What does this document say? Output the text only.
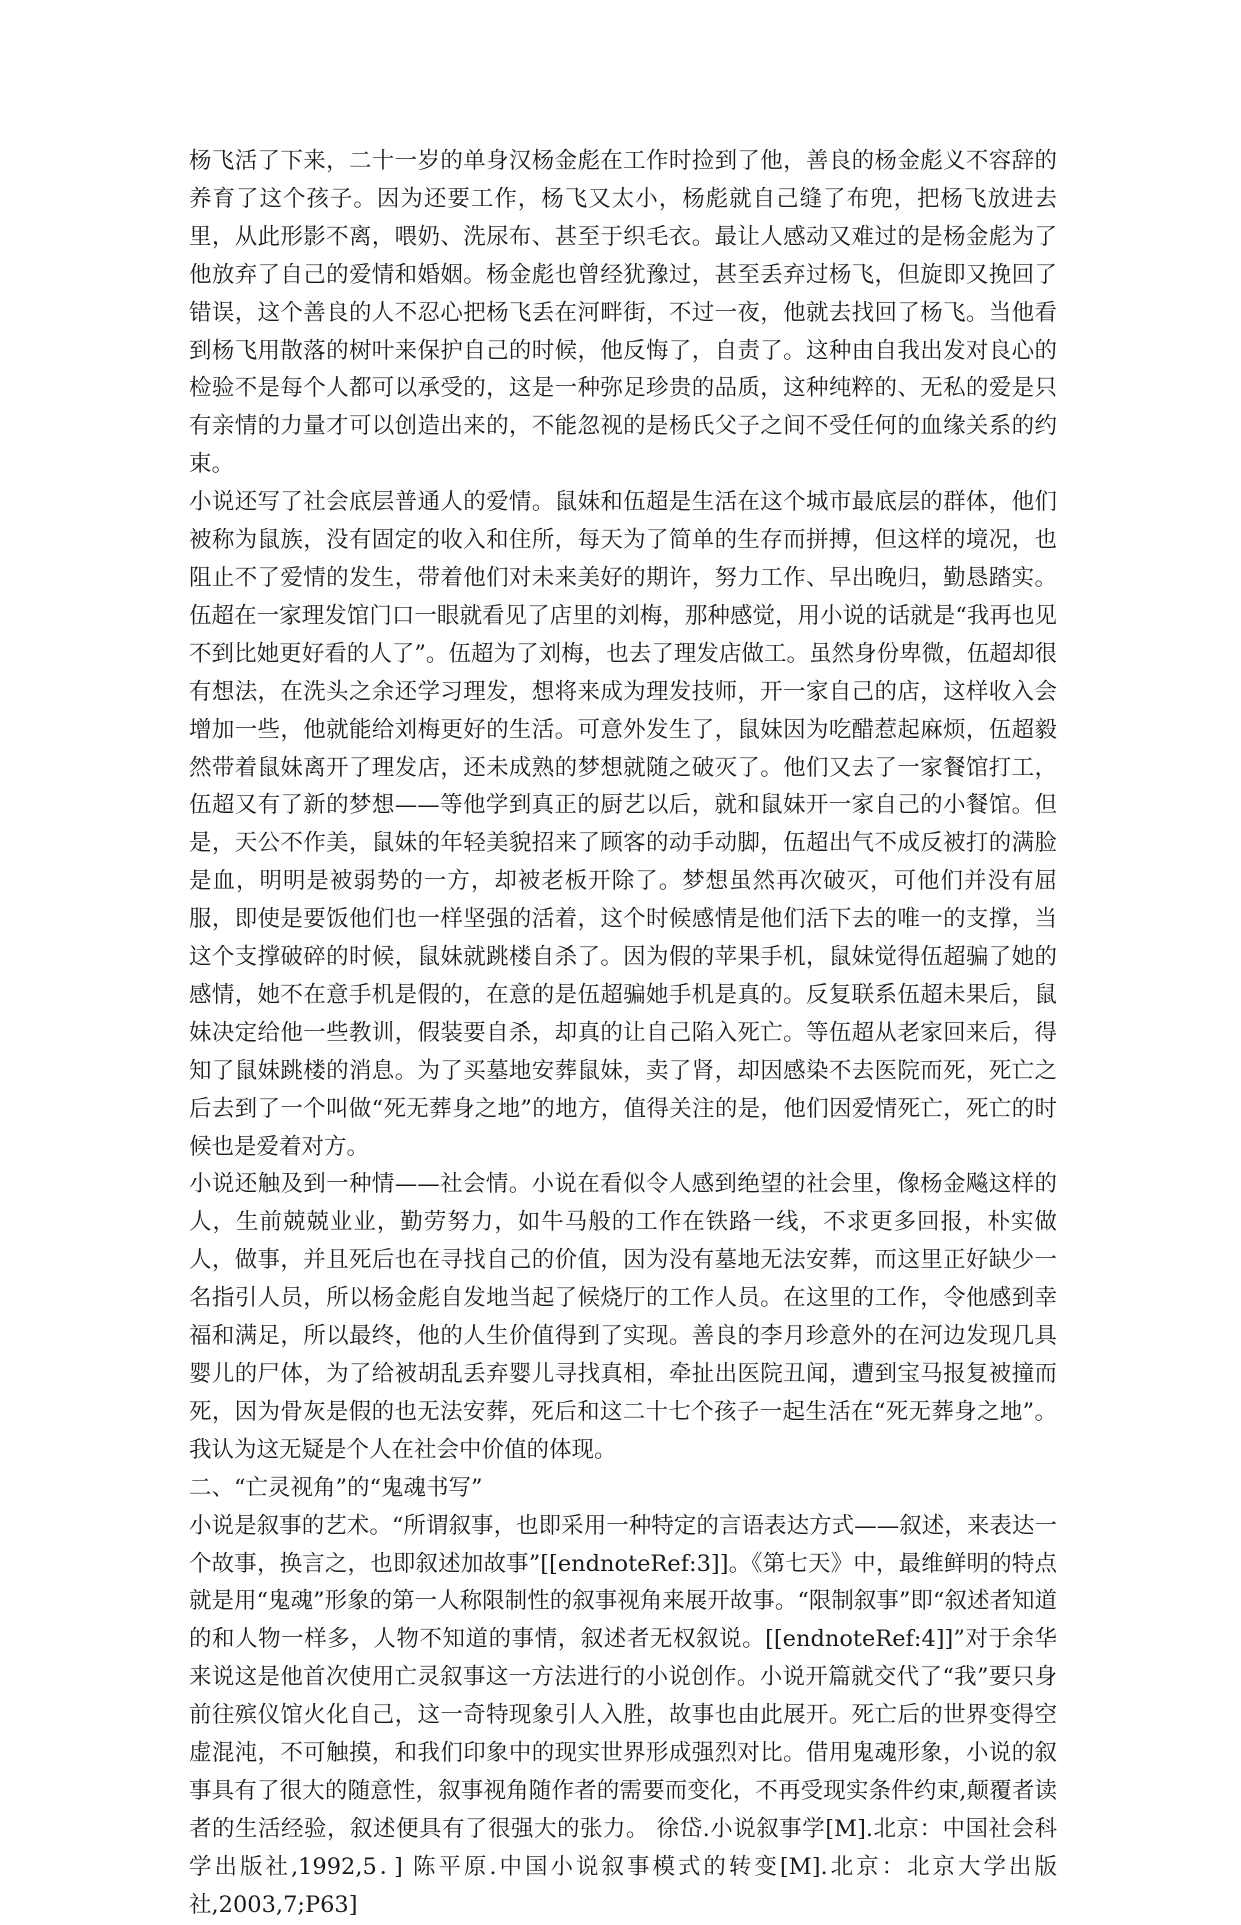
杨飞活了下来，二十一岁的单身汉杨金彪在工作时捡到了他，善良的杨金彪义不容辞的养育了这个孩子。因为还要工作，杨飞又太小，杨彪就自己缝了布兜，把杨飞放进去里，从此形影不离，喂奶、洗尿布、甚至于织毛衣。最让人感动又难过的是杨金彪为了他放弃了自己的爱情和婚姻。杨金彪也曾经犹豫过，甚至丢弃过杨飞，但旋即又挽回了错误，这个善良的人不忍心把杨飞丢在河畔街，不过一夜，他就去找回了杨飞。当他看到杨飞用散落的树叶来保护自己的时候，他反悔了，自责了。这种由自我出发对良心的检验不是每个人都可以承受的，这是一种弥足珍贵的品质，这种纯粹的、无私的爱是只有亲情的力量才可以创造出来的，不能忽视的是杨氏父子之间不受任何的血缘关系的约束。

小说还写了社会底层普通人的爱情。鼠妹和伍超是生活在这个城市最底层的群体，他们被称为鼠族，没有固定的收入和住所，每天为了简单的生存而拼搏，但这样的境况，也阻止不了爱情的发生，带着他们对未来美好的期许，努力工作、早出晚归，勤恳踏实。伍超在一家理发馆门口一眼就看见了店里的刘梅，那种感觉，用小说的话就是“我再也见不到比她更好看的人了”。伍超为了刘梅，也去了理发店做工。虽然身份卑微，伍超却很有想法，在洗头之余还学习理发，想将来成为理发技师，开一家自己的店，这样收入会增加一些，他就能给刘梅更好的生活。可意外发生了，鼠妹因为吃醋惹起麻烦，伍超毅然带着鼠妹离开了理发店，还未成熟的梦想就随之破灭了。他们又去了一家餐馆打工，伍超又有了新的梦想——等他学到真正的厨艺以后，就和鼠妹开一家自己的小餐馆。但是，天公不作美，鼠妹的年轻美貌招来了顾客的动手动脚，伍超出气不成反被打的满脸是血，明明是被弱势的一方，却被老板开除了。梦想虽然再次破灭，可他们并没有屈服，即使是要饭他们也一样坚强的活着，这个时候感情是他们活下去的唯一的支撑，当这个支撑破碎的时候，鼠妹就跳楼自杀了。因为假的苹果手机，鼠妹觉得伍超骗了她的感情，她不在意手机是假的，在意的是伍超骗她手机是真的。反复联系伍超未果后，鼠妹决定给他一些教训，假装要自杀，却真的让自己陷入死亡。等伍超从老家回来后，得知了鼠妹跳楼的消息。为了买墓地安葬鼠妹，卖了肾，却因感染不去医院而死，死亡之后去到了一个叫做“死无葬身之地”的地方，值得关注的是，他们因爱情死亡，死亡的时候也是爱着对方。

小说还触及到一种情——社会情。小说在看似令人感到绝望的社会里，像杨金飚这样的人，生前兢兢业业，勤劳努力，如牛马般的工作在铁路一线，不求更多回报，朴实做人，做事，并且死后也在寻找自己的价值，因为没有墓地无法安葬，而这里正好缺少一名指引人员，所以杨金彪自发地当起了候烧厅的工作人员。在这里的工作，令他感到幸福和满足，所以最终，他的人生价值得到了实现。善良的李月珍意外的在河边发现几具婴儿的尸体，为了给被胡乱丢弃婴儿寻找真相，牵扯出医院丑闻，遭到宝马报复被撞而死，因为骨灰是假的也无法安葬，死后和这二十七个孩子一起生活在“死无葬身之地”。我认为这无疑是个人在社会中价值的体现。

二、“亡灵视角”的“鬼魂书写”

小说是叙事的艺术。“所谓叙事，也即采用一种特定的言语表达方式——叙述，来表达一个故事，换言之，也即叙述加故事”[[endnoteRef:3]]。《第七天》中，最维鲜明的特点就是用“鬼魂”形象的第一人称限制性的叙事视角来展开故事。“限制叙事”即“叙述者知道的和人物一样多，人物不知道的事情，叙述者无权叙说。[[endnoteRef:4]]”对于余华来说这是他首次使用亡灵叙事这一方法进行的小说创作。小说开篇就交代了“我”要只身前往殡仪馆火化自己，这一奇特现象引人入胜，故事也由此展开。死亡后的世界变得空虚混沌，不可触摸，和我们印象中的现实世界形成强烈对比。借用鬼魂形象，小说的叙事具有了很大的随意性，叙事视角随作者的需要而变化，不再受现实条件约束,颠覆者读者的生活经验，叙述便具有了很强大的张力。 徐岱.小说叙事学[M].北京：中国社会科学出版社,1992,5．] 陈平原.中国小说叙事模式的转变[M].北京：北京大学出版社,2003,7;P63]
